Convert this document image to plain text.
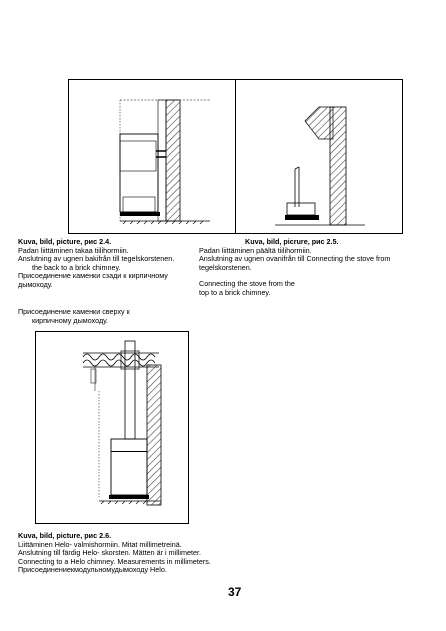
Kuva, bild, picture, рис 2.4.
Padan liittäminen takaa tiilihormiin.
Anslutning av ugnen bakifrån till tegelskorstenen.
the back to a brick chimney.
Присоединение каменки сзади к кирпичному
дымоходу.
Kuva, bild, picrure, рис 2.5.
Padan liittäminen päältä tiilihormiin.
Anslutning av ugnen ovanifrån till Connecting the stove from
tegelskorstenen.
Connecting the stove from the
top to a brick chimney.
Присоединение каменки сверху к
кирпичному дымоходу.
Kuva, bild, picture, рис 2.6.
Liittäminen Helo- valmishormiin. Mitat millimetreinä.
Anslutning till färdig Helo- skorsten. Mätten är i millimeter.
Connecting to a Helo chimney. Measurements in millimeters.
Присоединениекмодульномудымоходу Helo.
37
